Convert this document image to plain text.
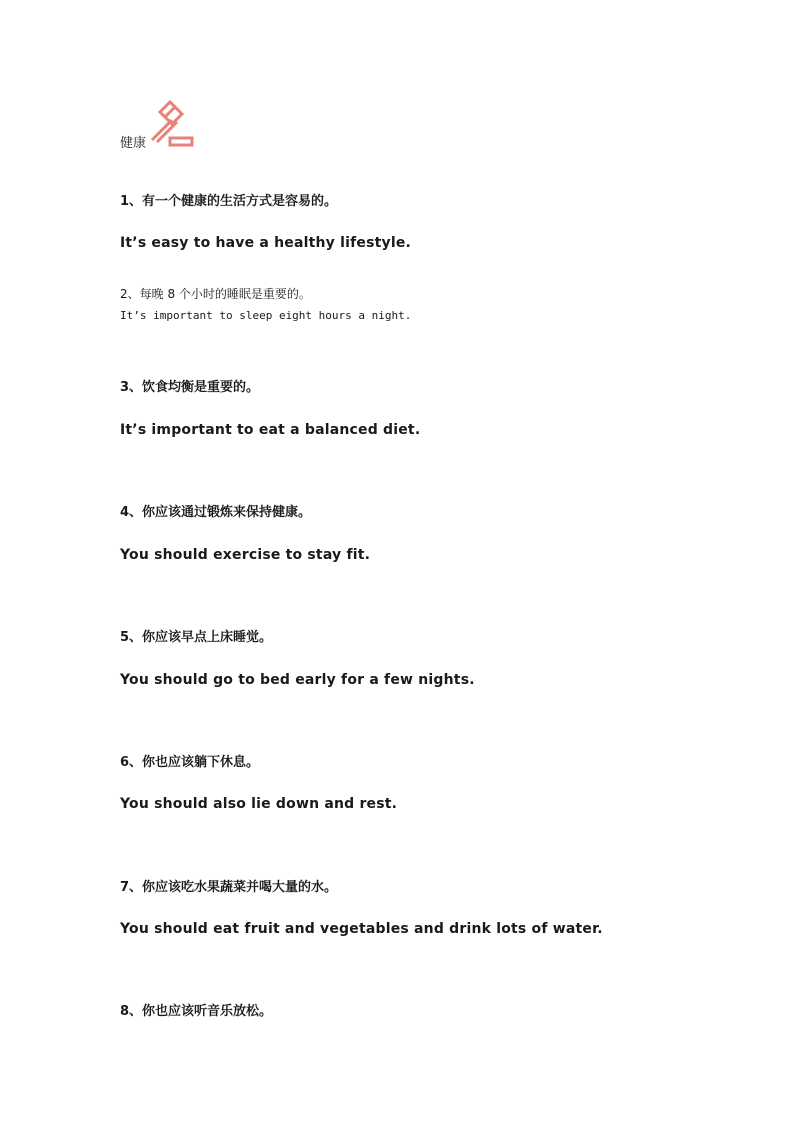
健康
1、有一个健康的生活方式是容易的。
It’s easy to have a healthy lifestyle.
2、每晚 8 个小时的睡眠是重要的。
It’s important to sleep eight hours a night.
3、饮食均衡是重要的。
It’s important to eat a balanced diet.
4、你应该通过锻炼来保持健康。
You should exercise to stay fit.
5、你应该早点上床睡觉。
You should go to bed early for a few nights.
6、你也应该躺下休息。
You should also lie down and rest.
7、你应该吃水果蔬菜并喝大量的水。
You should eat fruit and vegetables and drink lots of water.
8、你也应该听音乐放松。
